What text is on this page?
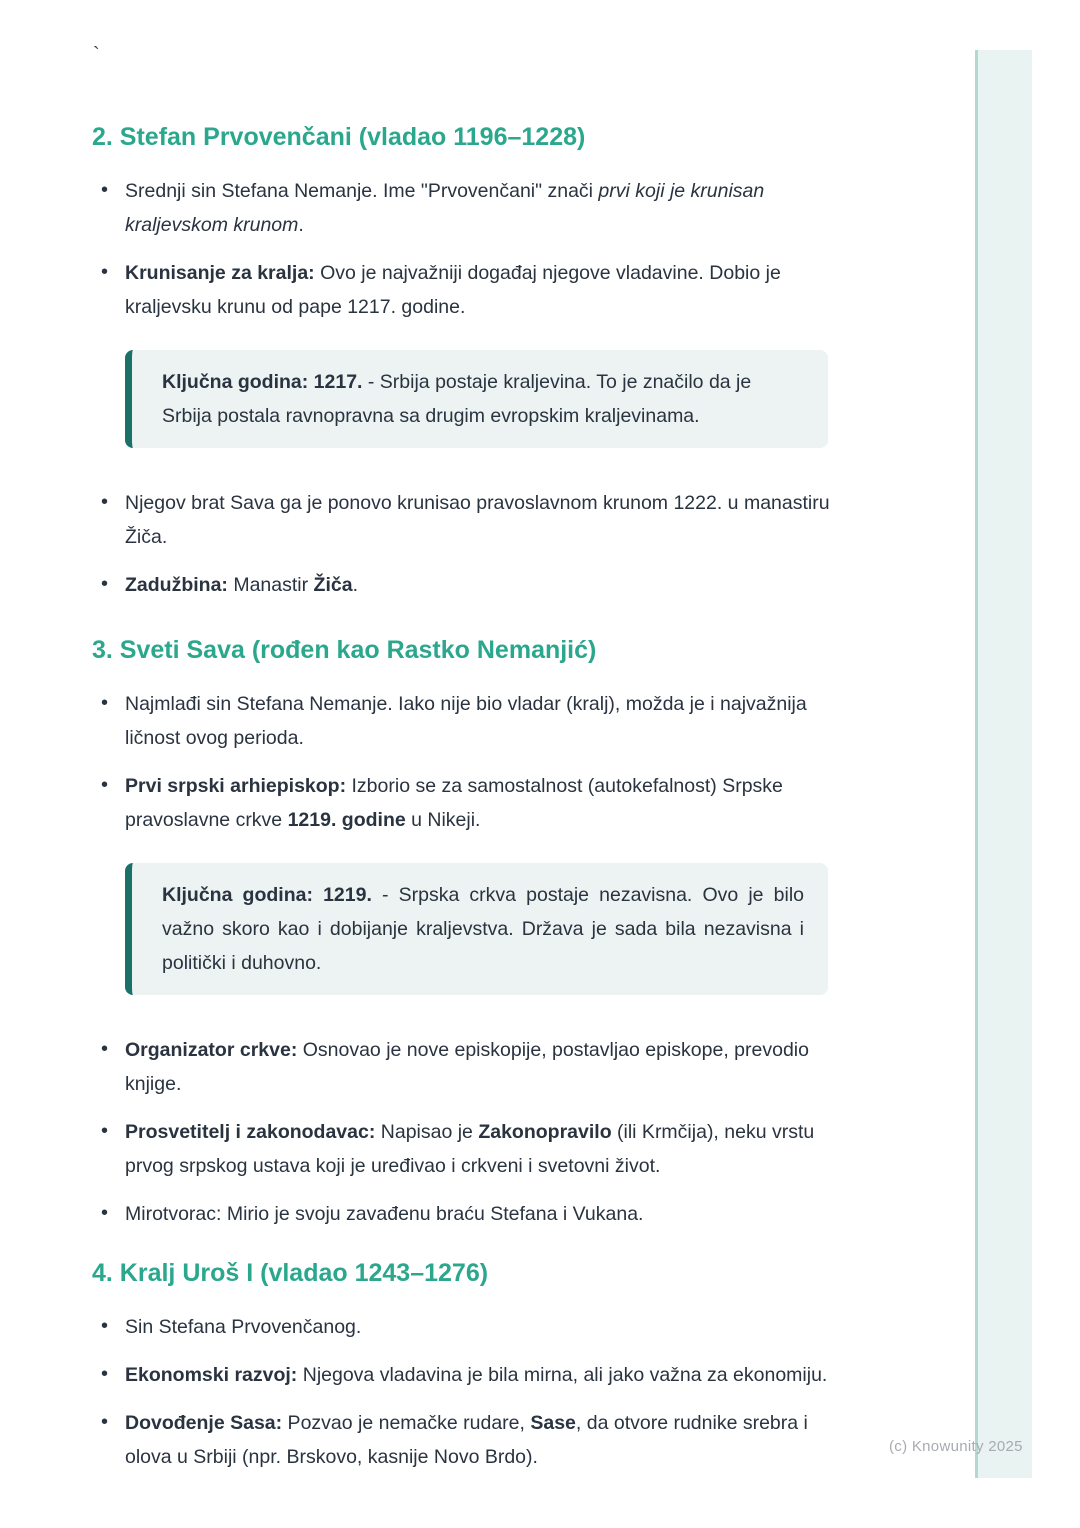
`
2. Stefan Prvovenčani (vladao 1196–1228)
• Srednji sin Stefana Nemanje. Ime "Prvovenčani" znači prvi koji je krunisan kraljevskom krunom.
• Krunisanje za kralja: Ovo je najvažniji događaj njegove vladavine. Dobio je kraljevsku krunu od pape 1217. godine.

Ključna godina: 1217. - Srbija postaje kraljevina. To je značilo da je Srbija postala ravnopravna sa drugim evropskim kraljevinama.

• Njegov brat Sava ga je ponovo krunisao pravoslavnom krunom 1222. u manastiru Žiča.
• Zadužbina: Manastir Žiča.
3. Sveti Sava (rođen kao Rastko Nemanjić)
• Najmlađi sin Stefana Nemanje. Iako nije bio vladar (kralj), možda je i najvažnija ličnost ovog perioda.
• Prvi srpski arhiepiskop: Izborio se za samostalnost (autokefalnost) Srpske pravoslavne crkve 1219. godine u Nikeji.

Ključna godina: 1219. - Srpska crkva postaje nezavisna. Ovo je bilo važno skoro kao i dobijanje kraljevstva. Država je sada bila nezavisna i politički i duhovno.

• Organizator crkve: Osnovao je nove episkopije, postavljao episkope, prevodio knjige.
• Prosvetitelj i zakonodavac: Napisao je Zakonopravilo (ili Krmčija), neku vrstu prvog srpskog ustava koji je uređivao i crkveni i svetovni život.
• Mirotvorac: Mirio je svoju zavađenu braću Stefana i Vukana.
4. Kralj Uroš I (vladao 1243–1276)
• Sin Stefana Prvovenčanog.
• Ekonomski razvoj: Njegova vladavina je bila mirna, ali jako važna za ekonomiju.
• Dovođenje Sasa: Pozvao je nemačke rudare, Sase, da otvore rudnike srebra i olova u Srbiji (npr. Brskovo, kasnije Novo Brdo).	(c) Knowunity 2025
